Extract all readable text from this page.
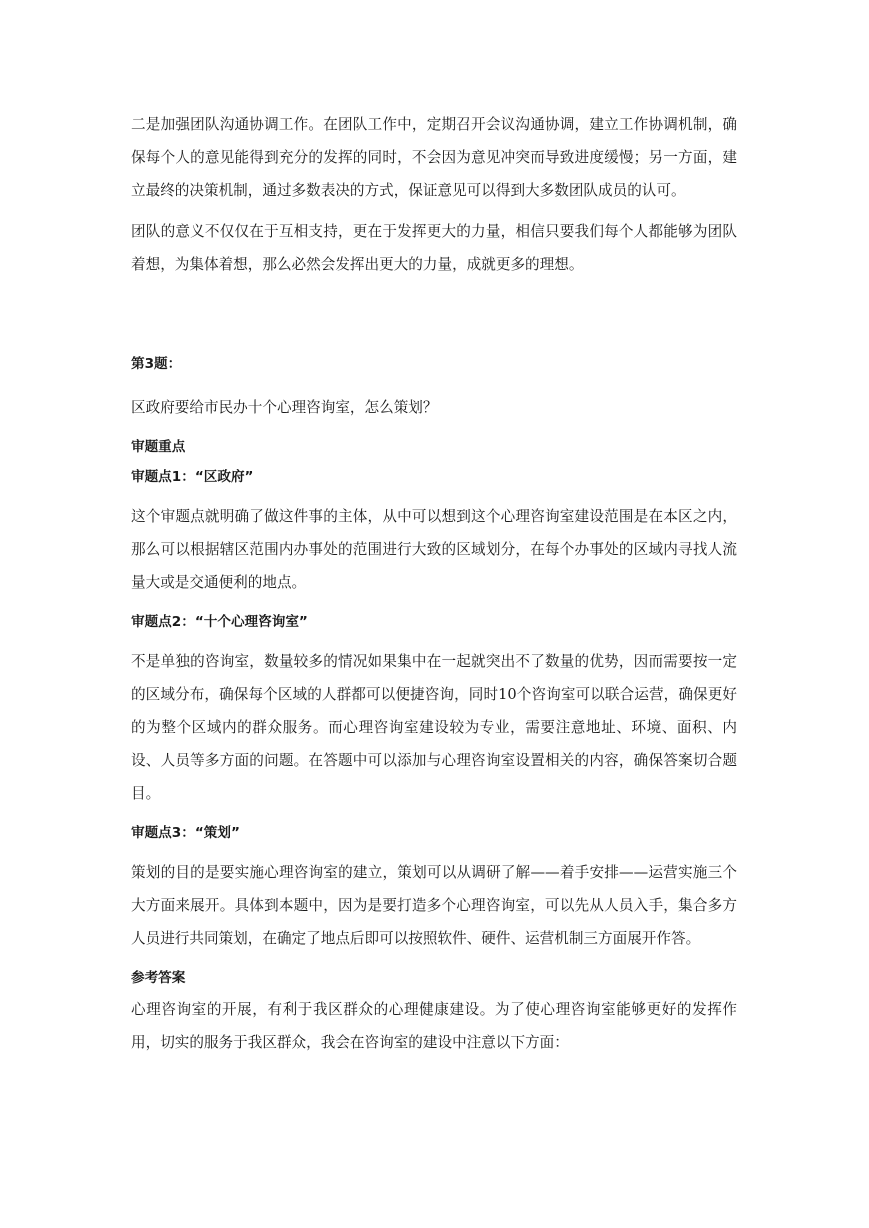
二是加强团队沟通协调工作。在团队工作中，定期召开会议沟通协调，建立工作协调机制，确保每个人的意见能得到充分的发挥的同时，不会因为意见冲突而导致进度缓慢；另一方面，建立最终的决策机制，通过多数表决的方式，保证意见可以得到大多数团队成员的认可。

团队的意义不仅仅在于互相支持，更在于发挥更大的力量，相信只要我们每个人都能够为团队着想，为集体着想，那么必然会发挥出更大的力量，成就更多的理想。

第3题：

区政府要给市民办十个心理咨询室，怎么策划？

审题重点
审题点1：“区政府”

这个审题点就明确了做这件事的主体，从中可以想到这个心理咨询室建设范围是在本区之内，那么可以根据辖区范围内办事处的范围进行大致的区域划分，在每个办事处的区域内寻找人流量大或是交通便利的地点。

审题点2：“十个心理咨询室”

不是单独的咨询室，数量较多的情况如果集中在一起就突出不了数量的优势，因而需要按一定的区域分布，确保每个区域的人群都可以便捷咨询，同时10个咨询室可以联合运营，确保更好的为整个区域内的群众服务。而心理咨询室建设较为专业，需要注意地址、环境、面积、内设、人员等多方面的问题。在答题中可以添加与心理咨询室设置相关的内容，确保答案切合题目。

审题点3：“策划”

策划的目的是要实施心理咨询室的建立，策划可以从调研了解——着手安排——运营实施三个大方面来展开。具体到本题中，因为是要打造多个心理咨询室，可以先从人员入手，集合多方人员进行共同策划，在确定了地点后即可以按照软件、硬件、运营机制三方面展开作答。

参考答案

心理咨询室的开展，有利于我区群众的心理健康建设。为了使心理咨询室能够更好的发挥作用，切实的服务于我区群众，我会在咨询室的建设中注意以下方面：
